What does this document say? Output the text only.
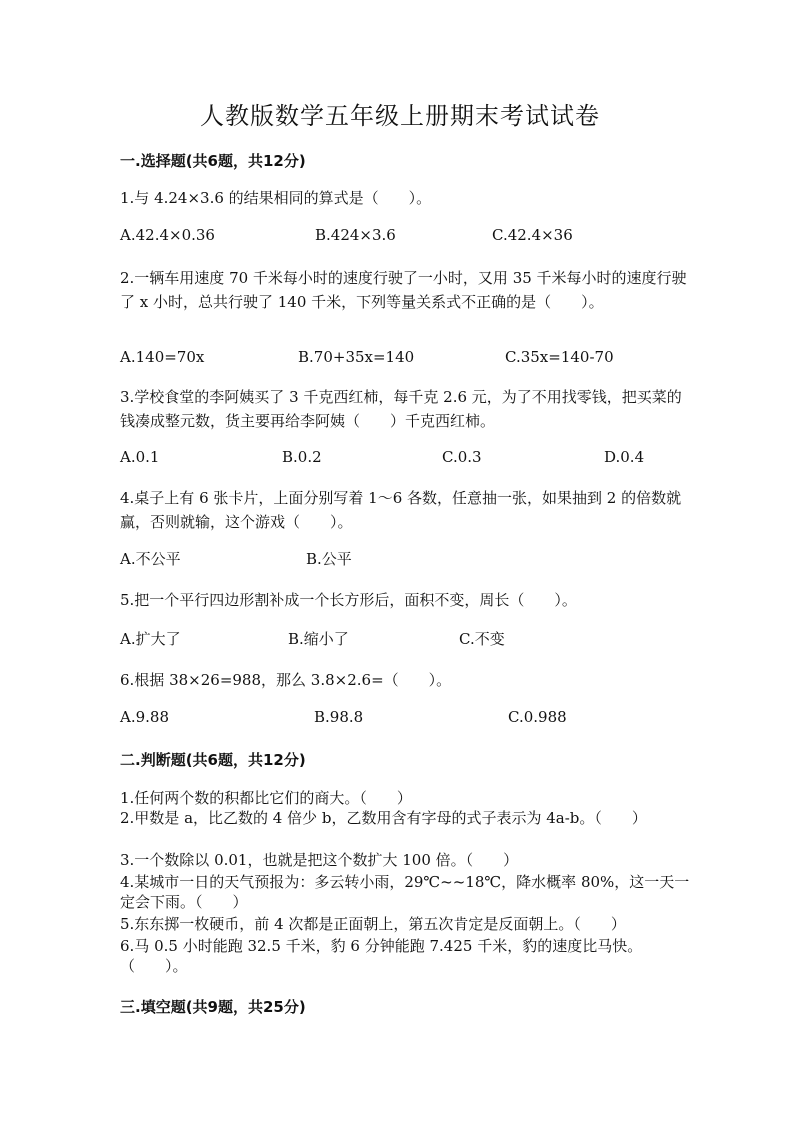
人教版数学五年级上册期末考试试卷
一.选择题(共6题，共12分)
1.与 4.24×3.6 的结果相同的算式是（　　）。
A.42.4×0.36	B.424×3.6	C.42.4×36
2.一辆车用速度 70 千米每小时的速度行驶了一小时，又用 35 千米每小时的速度行驶了 x 小时，总共行驶了 140 千米，下列等量关系式不正确的是（　　）。
A.140=70x	B.70+35x=140	C.35x=140-70
3.学校食堂的李阿姨买了 3 千克西红柿，每千克 2.6 元，为了不用找零钱，把买菜的钱凑成整元数，货主要再给李阿姨（　　）千克西红柿。
A.0.1	B.0.2	C.0.3	D.0.4
4.桌子上有 6 张卡片，上面分别写着 1～6 各数，任意抽一张，如果抽到 2 的倍数就赢，否则就输，这个游戏（　　）。
A.不公平	B.公平
5.把一个平行四边形割补成一个长方形后，面积不变，周长（　　）。
A.扩大了	B.缩小了	C.不变
6.根据 38×26=988，那么 3.8×2.6=（　　）。
A.9.88	B.98.8	C.0.988
二.判断题(共6题，共12分)
1.任何两个数的积都比它们的商大。（　　）
2.甲数是 a，比乙数的 4 倍少 b，乙数用含有字母的式子表示为 4a-b。（　　）
3.一个数除以 0.01，也就是把这个数扩大 100 倍。（　　）
4.某城市一日的天气预报为：多云转小雨，29℃~~18℃，降水概率 80%，这一天一定会下雨。（　　）
5.东东掷一枚硬币，前 4 次都是正面朝上，第五次肯定是反面朝上。（　　）
6.马 0.5 小时能跑 32.5 千米，豹 6 分钟能跑 7.425 千米，豹的速度比马快。（　　）。
三.填空题(共9题，共25分)
